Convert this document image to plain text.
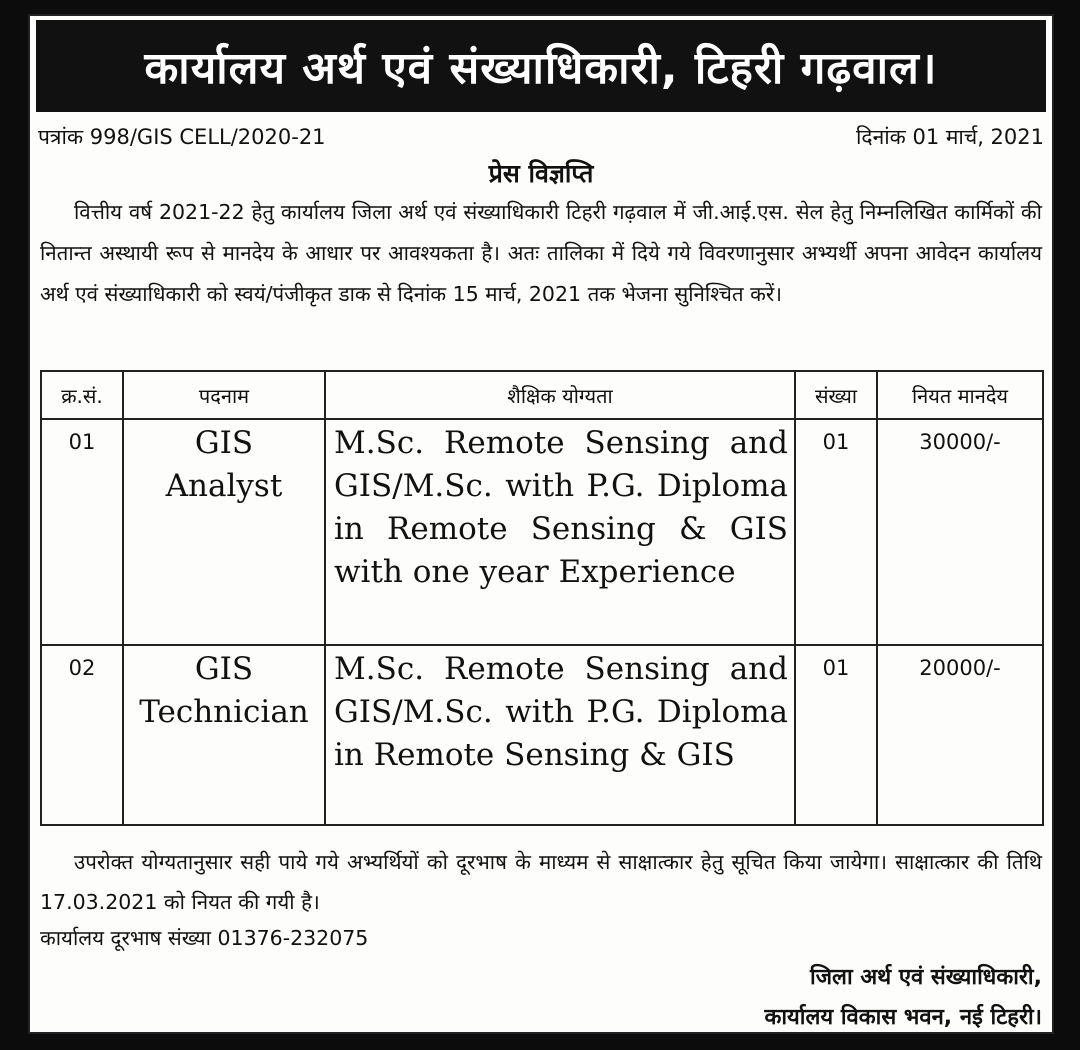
कार्यालय अर्थ एवं संख्याधिकारी, टिहरी गढ़वाल।
पत्रांक 998/GIS CELL/2020-21	दिनांक 01 मार्च, 2021
प्रेस विज्ञप्ति

वित्तीय वर्ष 2021-22 हेतु कार्यालय जिला अर्थ एवं संख्याधिकारी टिहरी गढ़वाल में जी.आई.एस. सेल हेतु निम्नलिखित कार्मिकों की नितान्त अस्थायी रूप से मानदेय के आधार पर आवश्यकता है। अतः तालिका में दिये गये विवरणानुसार अभ्यर्थी अपना आवेदन कार्यालय अर्थ एवं संख्याधिकारी को स्वयं/पंजीकृत डाक से दिनांक 15 मार्च, 2021 तक भेजना सुनिश्चित करें।

क्र.सं.	पदनाम	शैक्षिक योग्यता	संख्या	नियत मानदेय
01	GIS Analyst	M.Sc. Remote Sensing and GIS/M.Sc. with P.G. Diploma in Remote Sensing & GIS with one year Experience	01	30000/-
02	GIS Technician	M.Sc. Remote Sensing and GIS/M.Sc. with P.G. Diploma in Remote Sensing & GIS	01	20000/-

उपरोक्त योग्यतानुसार सही पाये गये अभ्यर्थियों को दूरभाष के माध्यम से साक्षात्कार हेतु सूचित किया जायेगा। साक्षात्कार की तिथि 17.03.2021 को नियत की गयी है।

कार्यालय दूरभाष संख्या 01376-232075
जिला अर्थ एवं संख्याधिकारी,
कार्यालय विकास भवन, नई टिहरी।
